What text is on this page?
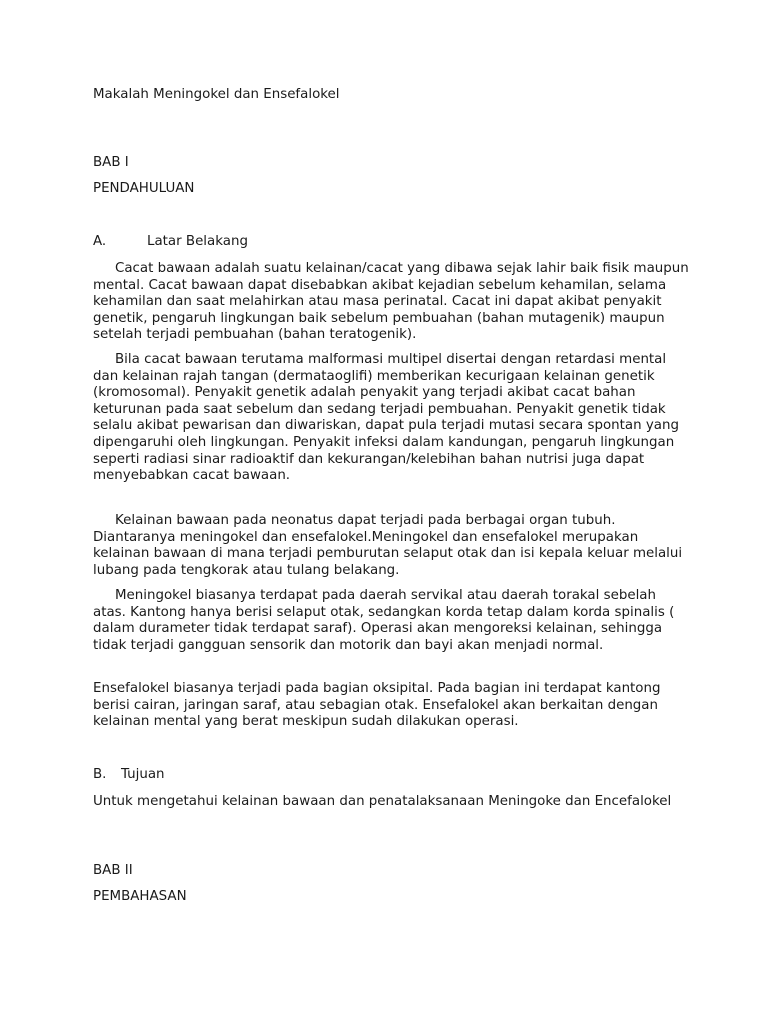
Makalah Meningokel dan Ensefalokel

BAB I

PENDAHULUAN

A.	Latar Belakang

Cacat bawaan adalah suatu kelainan/cacat yang dibawa sejak lahir baik fisik maupun mental. Cacat bawaan dapat disebabkan akibat kejadian sebelum kehamilan, selama kehamilan dan saat melahirkan atau masa perinatal. Cacat ini dapat akibat penyakit genetik, pengaruh lingkungan baik sebelum pembuahan (bahan mutagenik) maupun setelah terjadi pembuahan (bahan teratogenik).

Bila cacat bawaan terutama malformasi multipel disertai dengan retardasi mental dan kelainan rajah tangan (dermataoglifi) memberikan kecurigaan kelainan genetik (kromosomal). Penyakit genetik adalah penyakit yang terjadi akibat cacat bahan keturunan pada saat sebelum dan sedang terjadi pembuahan. Penyakit genetik tidak selalu akibat pewarisan dan diwariskan, dapat pula terjadi mutasi secara spontan yang dipengaruhi oleh lingkungan. Penyakit infeksi dalam kandungan, pengaruh lingkungan seperti radiasi sinar radioaktif dan kekurangan/kelebihan bahan nutrisi juga dapat menyebabkan cacat bawaan.

Kelainan bawaan pada neonatus dapat terjadi pada berbagai organ tubuh. Diantaranya meningokel dan ensefalokel.Meningokel dan ensefalokel merupakan kelainan bawaan di mana terjadi pemburutan selaput otak dan isi kepala keluar melalui lubang pada tengkorak atau tulang belakang.

Meningokel biasanya terdapat pada daerah servikal atau daerah torakal sebelah atas. Kantong hanya berisi selaput otak, sedangkan korda tetap dalam korda spinalis ( dalam durameter tidak terdapat saraf). Operasi akan mengoreksi kelainan, sehingga tidak terjadi gangguan sensorik dan motorik dan bayi akan menjadi normal.

Ensefalokel biasanya terjadi pada bagian oksipital. Pada bagian ini terdapat kantong berisi cairan, jaringan saraf, atau sebagian otak. Ensefalokel akan berkaitan dengan kelainan mental yang berat meskipun sudah dilakukan operasi.

B. Tujuan

Untuk mengetahui kelainan bawaan dan penatalaksanaan Meningoke dan Encefalokel

BAB II

PEMBAHASAN
